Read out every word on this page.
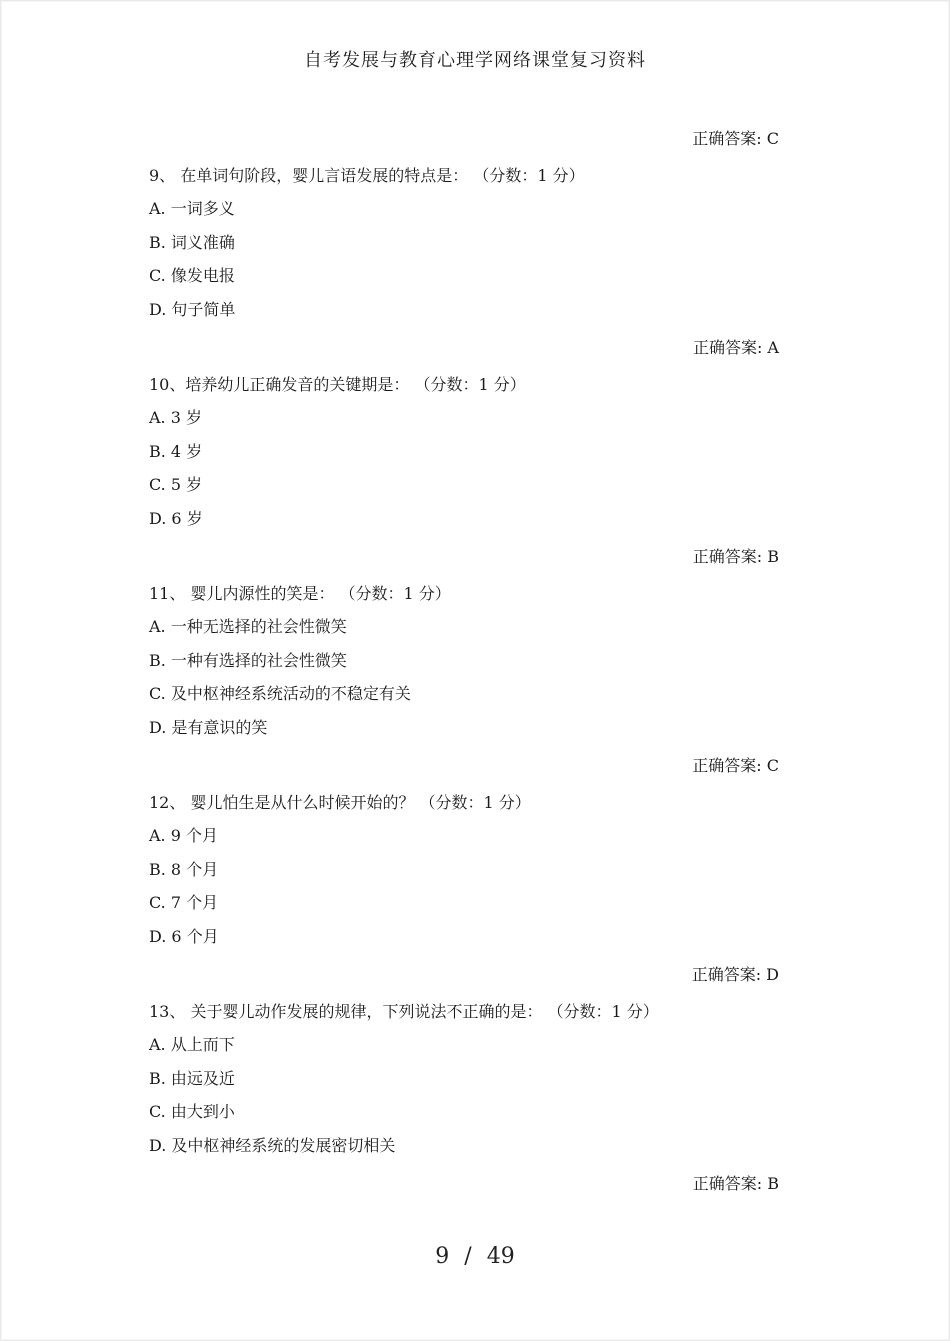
自考发展与教育心理学网络课堂复习资料

正确答案: C

9、 在单词句阶段，婴儿言语发展的特点是： （分数：1 分）

A. 一词多义

B. 词义准确

C. 像发电报

D. 句子简单

正确答案: A

10、培养幼儿正确发音的关键期是： （分数：1 分）

A. 3 岁

B. 4 岁

C. 5 岁

D. 6 岁

正确答案: B

11、 婴儿内源性的笑是： （分数：1 分）

A. 一种无选择的社会性微笑

B. 一种有选择的社会性微笑

C. 及中枢神经系统活动的不稳定有关

D. 是有意识的笑

正确答案: C

12、 婴儿怕生是从什么时候开始的？ （分数：1 分）

A. 9 个月

B. 8 个月

C. 7 个月

D. 6 个月

正确答案: D

13、 关于婴儿动作发展的规律，下列说法不正确的是： （分数：1 分）

A. 从上而下

B. 由远及近

C. 由大到小

D. 及中枢神经系统的发展密切相关

正确答案: B

9 / 49
